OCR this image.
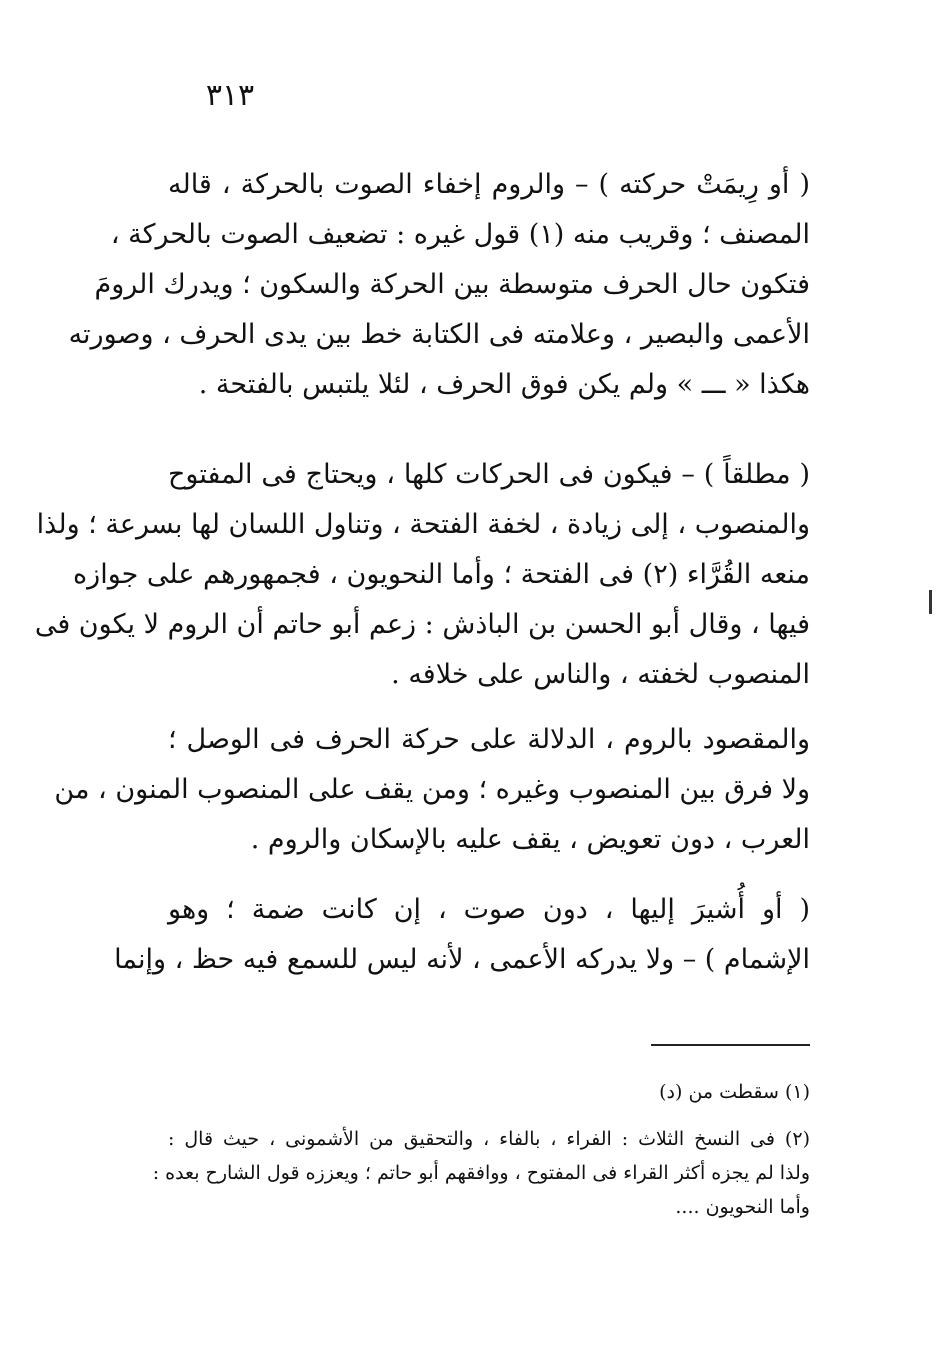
٣١٣
( أو رِيمَتْ حركته ) – والروم إخفاء الصوت بالحركة ، قاله
المصنف ؛ وقريب منه (١) قول غيره : تضعيف الصوت بالحركة ،
فتكون حال الحرف متوسطة بين الحركة والسكون ؛ ويدرك الرومَ
الأعمى والبصير ، وعلامته فى الكتابة خط بين يدى الحرف ، وصورته
هكذا « ـــ » ولم يكن فوق الحرف ، لئلا يلتبس بالفتحة .
( مطلقاً ) – فيكون فى الحركات كلها ، ويحتاج فى المفتوح
والمنصوب ، إلى زيادة ، لخفة الفتحة ، وتناول اللسان لها بسرعة ؛ ولذا
منعه القُرَّاء (٢) فى الفتحة ؛ وأما النحويون ، فجمهورهم على جوازه
فيها ، وقال أبو الحسن بن الباذش : زعم أبو حاتم أن الروم لا يكون فى
المنصوب لخفته ، والناس على خلافه .
والمقصود بالروم ، الدلالة على حركة الحرف فى الوصل ؛
ولا فرق بين المنصوب وغيره ؛ ومن يقف على المنصوب المنون ، من
العرب ، دون تعويض ، يقف عليه بالإسكان والروم .
( أو أُشيرَ إليها ، دون صوت ، إن كانت ضمة ؛ وهو
الإشمام ) – ولا يدركه الأعمى ، لأنه ليس للسمع فيه حظ ، وإنما
(١) سقطت من (د)
(٢) فى النسخ الثلاث : الفراء ، بالفاء ، والتحقيق من الأشمونى ، حيث قال :
ولذا لم يجزه أكثر القراء فى المفتوح ، ووافقهم أبو حاتم ؛ ويعززه قول الشارح بعده :
وأما النحويون ....
